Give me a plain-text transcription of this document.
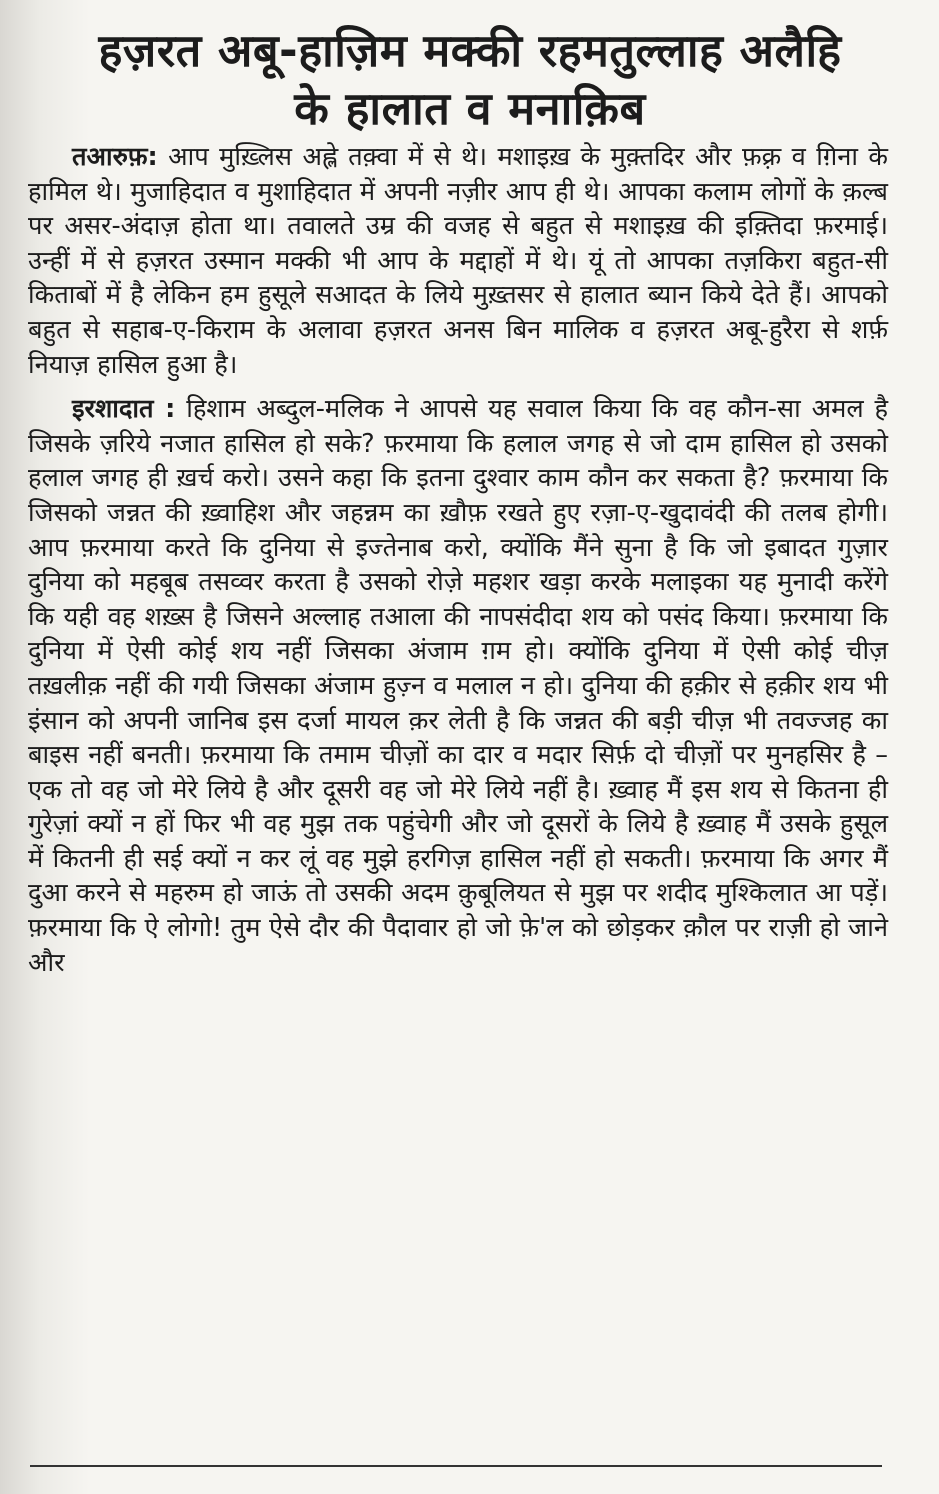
हज़रत अबू-हाज़िम मक्की रहमतुल्लाह अलैहि
के हालात व मनाक़िब

तआरुफ़: आप मुख़्लिस अह्ले तक़्वा में से थे। मशाइख़ के मुक़्तदिर और फ़क़्र व ग़िना के हामिल थे। मुजाहिदात व मुशाहिदात में अपनी नज़ीर आप ही थे। आपका कलाम लोगों के क़ल्ब पर असर-अंदाज़ होता था। तवालते उम्र की वजह से बहुत से मशाइख़ की इक़्तिदा फ़रमाई। उन्हीं में से हज़रत उस्मान मक्की भी आप के मद्दाहों में थे। यूं तो आपका तज़किरा बहुत-सी किताबों में है लेकिन हम हुसूले सआदत के लिये मुख़्तसर से हालात ब्यान किये देते हैं। आपको बहुत से सहाब-ए-किराम के अलावा हज़रत अनस बिन मालिक व हज़रत अबू-हुरैरा से शर्फ़ नियाज़ हासिल हुआ है।

इरशादात : हिशाम अब्दुल-मलिक ने आपसे यह सवाल किया कि वह कौन-सा अमल है जिसके ज़रिये नजात हासिल हो सके? फ़रमाया कि हलाल जगह से जो दाम हासिल हो उसको हलाल जगह ही ख़र्च करो। उसने कहा कि इतना दुश्वार काम कौन कर सकता है? फ़रमाया कि जिसको जन्नत की ख़्वाहिश और जहन्नम का ख़ौफ़ रखते हुए रज़ा-ए-खुदावंदी की तलब होगी। आप फ़रमाया करते कि दुनिया से इज्तेनाब करो, क्योंकि मैंने सुना है कि जो इबादत गुज़ार दुनिया को महबूब तसव्वर करता है उसको रोज़े महशर खड़ा करके मलाइका यह मुनादी करेंगे कि यही वह शख़्स है जिसने अल्लाह तआला की नापसंदीदा शय को पसंद किया। फ़रमाया कि दुनिया में ऐसी कोई शय नहीं जिसका अंजाम ग़म हो। क्योंकि दुनिया में ऐसी कोई चीज़ तख़लीक़ नहीं की गयी जिसका अंजाम हुज़्न व मलाल न हो। दुनिया की हक़ीर से हक़ीर शय भी इंसान को अपनी जानिब इस दर्जा मायल क़र लेती है कि जन्नत की बड़ी चीज़ भी तवज्जह का बाइस नहीं बनती। फ़रमाया कि तमाम चीज़ों का दार व मदार सिर्फ़ दो चीज़ों पर मुनहसिर है – एक तो वह जो मेरे लिये है और दूसरी वह जो मेरे लिये नहीं है। ख़्वाह मैं इस शय से कितना ही गुरेज़ां क्यों न हों फिर भी वह मुझ तक पहुंचेगी और जो दूसरों के लिये है ख़्वाह मैं उसके हुसूल में कितनी ही सई क्यों न कर लूं वह मुझे हरगिज़ हासिल नहीं हो सकती। फ़रमाया कि अगर मैं दुआ करने से महरुम हो जाऊं तो उसकी अदम क़ुबूलियत से मुझ पर शदीद मुश्किलात आ पड़ें। फ़रमाया कि ऐ लोगो! तुम ऐसे दौर की पैदावार हो जो फ़े'ल को छोड़कर क़ौल पर राज़ी हो जाने और
